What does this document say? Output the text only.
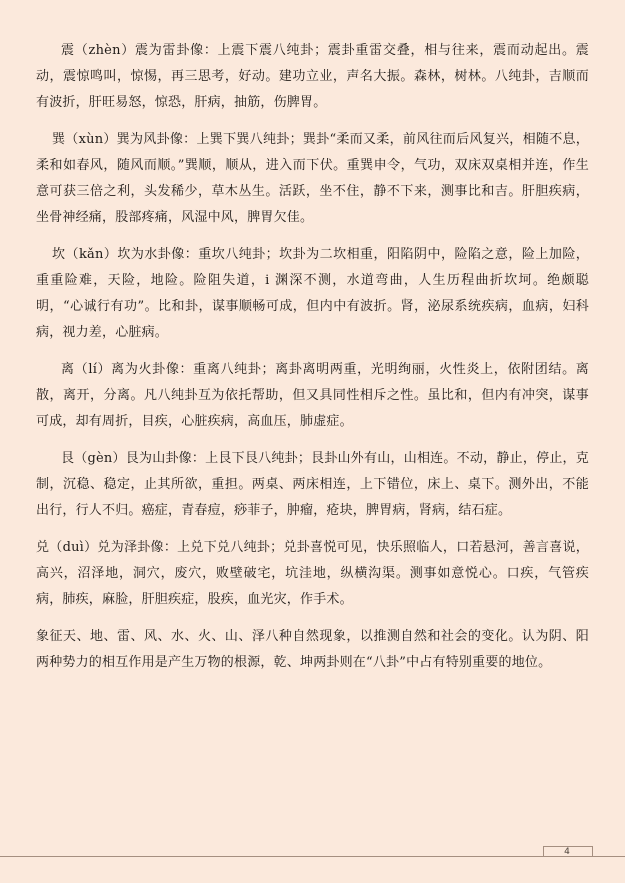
震（zhèn）震为雷卦像：上震下震八纯卦；震卦重雷交叠，相与往来，震而动起出。震动，震惊鸣叫，惊惕，再三思考，好动。建功立业，声名大振。森林，树林。八纯卦，吉顺而有波折，肝旺易怒，惊恐，肝病，抽筋，伤脾胃。

巽（xùn）巽为风卦像：上巽下巽八纯卦；巽卦“柔而又柔，前风往而后风复兴，相随不息，柔和如春风，随风而顺。”巽顺，顺从，进入而下伏。重巽申令，气功，双床双桌相并连，作生意可获三倍之利，头发稀少，草木丛生。活跃，坐不住，静不下来，测事比和吉。肝胆疾病，坐骨神经痛，股部疼痛，风湿中风，脾胃欠佳。

坎（kǎn）坎为水卦像：重坎八纯卦；坎卦为二坎相重，阳陷阴中，险陷之意，险上加险，重重险难，天险，地险。险阻失道，i 渊深不测，水道弯曲，人生历程曲折坎坷。绝颇聪明，“心诚行有功”。比和卦，谋事顺畅可成，但内中有波折。肾，泌尿系统疾病，血病，妇科病，视力差，心脏病。

离（lí）离为火卦像：重离八纯卦；离卦离明两重，光明绚丽，火性炎上，依附团结。离散，离开，分离。凡八纯卦互为依托帮助，但又具同性相斥之性。虽比和，但内有冲突，谋事可成，却有周折，目疾，心脏疾病，高血压，肺虚症。

艮（gèn）艮为山卦像：上艮下艮八纯卦；艮卦山外有山，山相连。不动，静止，停止，克制，沉稳、稳定，止其所欲，重担。两桌、两床相连，上下错位，床上、桌下。测外出，不能出行，行人不归。癌症，青春痘，痧菲子，肿瘤，疮块，脾胃病，肾病，结石症。

兑（duì）兑为泽卦像：上兑下兑八纯卦；兑卦喜悦可见，快乐照临人，口若悬河，善言喜说，高兴，沼泽地，洞穴，废穴，败壁破宅，坑洼地，纵横沟渠。测事如意悦心。口疾，气管疾病，肺疾，麻脸，肝胆疾症，股疾，血光灾，作手术。

象征天、地、雷、风、水、火、山、泽八种自然现象，以推测自然和社会的变化。认为阴、阳两种势力的相互作用是产生万物的根源，乾、坤两卦则在“八卦”中占有特别重要的地位。

4
